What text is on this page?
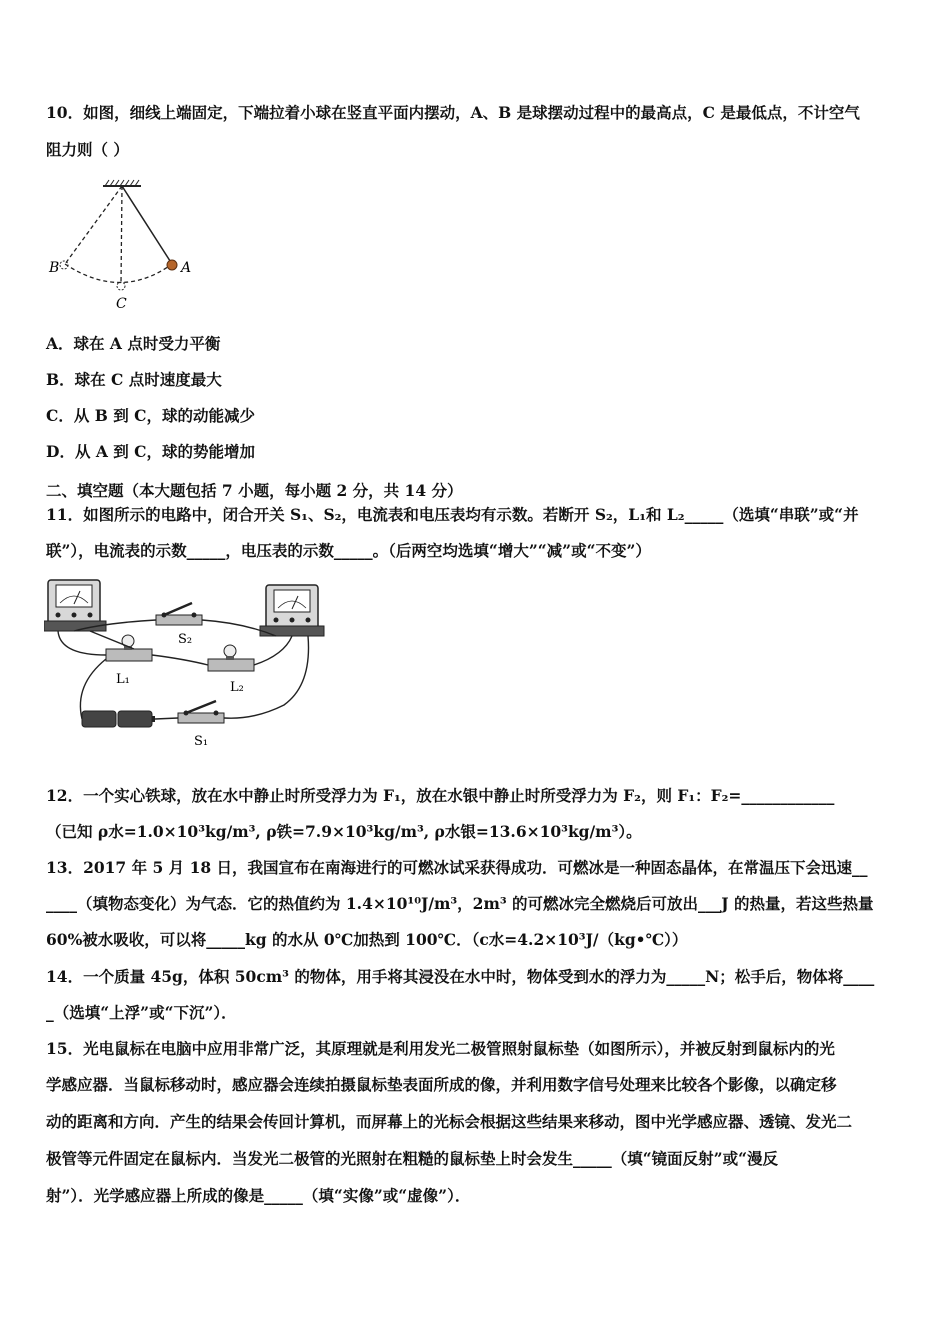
10．如图，细线上端固定，下端拉着小球在竖直平面内摆动，A、B 是球摆动过程中的最高点，C 是最低点，不计空气
阻力则（ ）
B	A
C
A．球在 A 点时受力平衡
B．球在 C 点时速度最大
C．从 B 到 C，球的动能减少
D．从 A 到 C，球的势能增加
二、填空题（本大题包括 7 小题，每小题 2 分，共 14 分）
11．如图所示的电路中，闭合开关 S₁、S₂，电流表和电压表均有示数。若断开 S₂，L₁和 L₂_____（选填“串联”或“并
联”），电流表的示数_____，电压表的示数_____。（后两空均选填“增大”“减”或“不变”）
S₂
L₁
L₂
S₁
12．一个实心铁球，放在水中静止时所受浮力为 F₁，放在水银中静止时所受浮力为 F₂，则 F₁：F₂=____________
（已知 ρ水=1.0×10³kg/m³, ρ铁=7.9×10³kg/m³, ρ水银=13.6×10³kg/m³）。
13．2017 年 5 月 18 日，我国宣布在南海进行的可燃冰试采获得成功．可燃冰是一种固态晶体，在常温压下会迅速__
____（填物态变化）为气态．它的热值约为 1.4×10¹⁰J/m³，2m³ 的可燃冰完全燃烧后可放出___J 的热量，若这些热量
60%被水吸收，可以将_____kg 的水从 0℃加热到 100℃．（c水=4.2×10³J/（kg•℃））
14．一个质量 45g，体积 50cm³ 的物体，用手将其浸没在水中时，物体受到水的浮力为_____N；松手后，物体将____
_（选填“上浮”或“下沉”）．
15．光电鼠标在电脑中应用非常广泛，其原理就是利用发光二极管照射鼠标垫（如图所示），并被反射到鼠标内的光
学感应器．当鼠标移动时，感应器会连续拍摄鼠标垫表面所成的像，并利用数字信号处理来比较各个影像，以确定移
动的距离和方向．产生的结果会传回计算机，而屏幕上的光标会根据这些结果来移动，图中光学感应器、透镜、发光二
极管等元件固定在鼠标内．当发光二极管的光照射在粗糙的鼠标垫上时会发生_____（填“镜面反射”或“漫反
射”）．光学感应器上所成的像是_____（填“实像”或“虚像”）．
